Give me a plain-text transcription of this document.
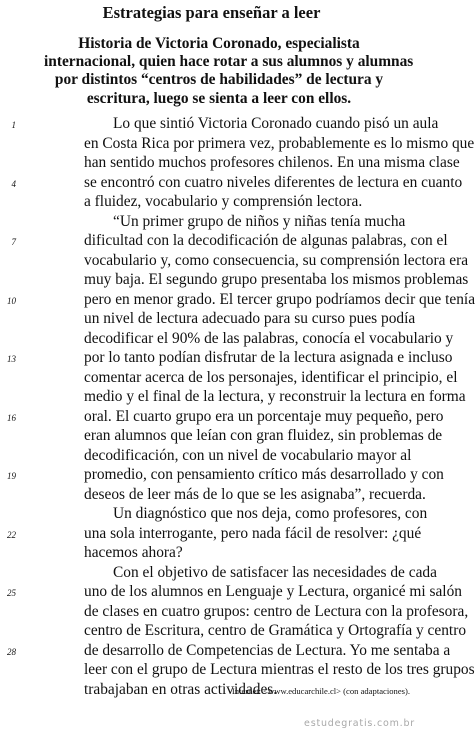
Estrategias para enseñar a leer
Historia de Victoria Coronado, especialista
internacional, quien hace rotar a sus alumnos y alumnas
por distintos “centros de habilidades” de lectura y
escritura, luego se sienta a leer con ellos.
Lo que sintió Victoria Coronado cuando pisó un aula
en Costa Rica por primera vez, probablemente es lo mismo que
han sentido muchos profesores chilenos. En una misma clase
se encontró con cuatro niveles diferentes de lectura en cuanto
a fluidez, vocabulario y comprensión lectora.
“Un primer grupo de niños y niñas tenía mucha
dificultad con la decodificación de algunas palabras, con el
vocabulario y, como consecuencia, su comprensión lectora era
muy baja. El segundo grupo presentaba los mismos problemas
pero en menor grado. El tercer grupo podríamos decir que tenía
un nivel de lectura adecuado para su curso pues podía
decodificar el 90% de las palabras, conocía el vocabulario y
por lo tanto podían disfrutar de la lectura asignada e incluso
comentar acerca de los personajes, identificar el principio, el
medio y el final de la lectura, y reconstruir la lectura en forma
oral. El cuarto grupo era un porcentaje muy pequeño, pero
eran alumnos que leían con gran fluidez, sin problemas de
decodificación, con un nivel de vocabulario mayor al
promedio, con pensamiento crítico más desarrollado y con
deseos de leer más de lo que se les asignaba”, recuerda.
Un diagnóstico que nos deja, como profesores, con
una sola interrogante, pero nada fácil de resolver: ¿qué
hacemos ahora?
Con el objetivo de satisfacer las necesidades de cada
uno de los alumnos en Lenguaje y Lectura, organicé mi salón
de clases en cuatro grupos: centro de Lectura con la profesora,
centro de Escritura, centro de Gramática y Ortografía y centro
de desarrollo de Competencias de Lectura. Yo me sentaba a
leer con el grupo de Lectura mientras el resto de los tres grupos
trabajaban en otras actividades.
1
4
7
10
13
16
19
22
25
28
Internet: <www.educarchile.cl> (con adaptaciones).
estudegratis.com.br
